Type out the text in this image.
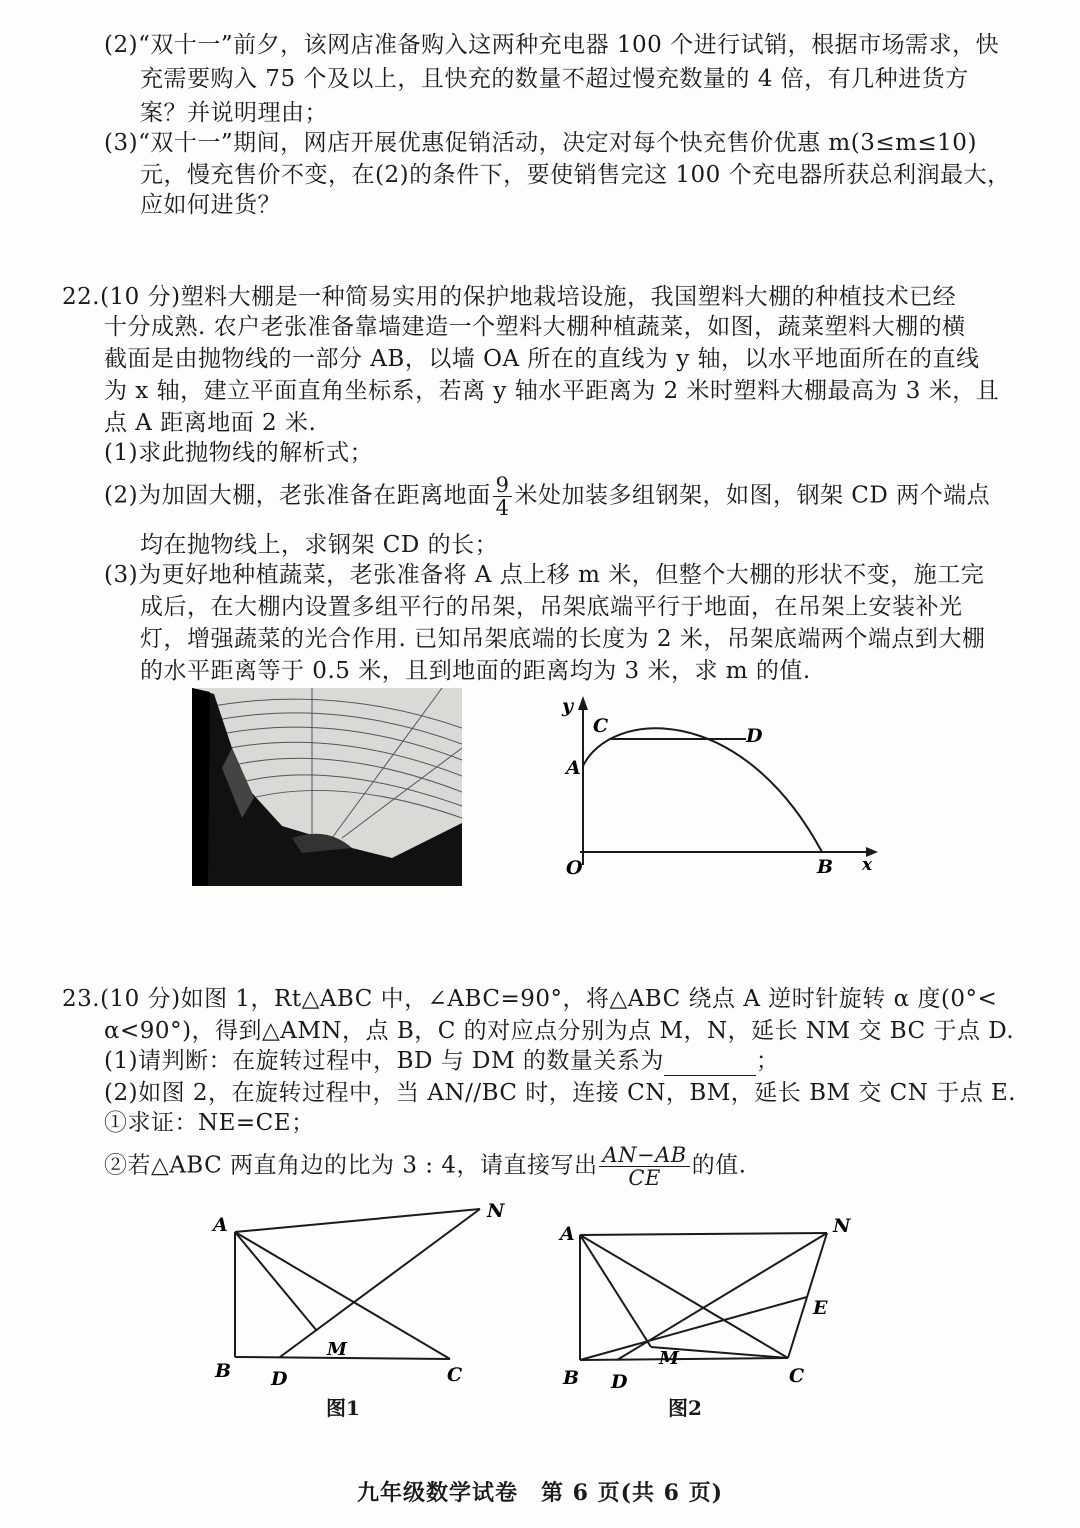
(2)“双十一”前夕，该网店准备购入这两种充电器 100 个进行试销，根据市场需求，快
充需要购入 75 个及以上，且快充的数量不超过慢充数量的 4 倍，有几种进货方
案？并说明理由；
(3)“双十一”期间，网店开展优惠促销活动，决定对每个快充售价优惠 m(3≤m≤10)
元，慢充售价不变，在(2)的条件下，要使销售完这 100 个充电器所获总利润最大，
应如何进货？
22.(10 分)塑料大棚是一种简易实用的保护地栽培设施，我国塑料大棚的种植技术已经
十分成熟. 农户老张准备靠墙建造一个塑料大棚种植蔬菜，如图，蔬菜塑料大棚的横
截面是由抛物线的一部分 AB，以墙 OA 所在的直线为 y 轴，以水平地面所在的直线
为 x 轴，建立平面直角坐标系，若离 y 轴水平距离为 2 米时塑料大棚最高为 3 米，且
点 A 距离地面 2 米.
(1)求此抛物线的解析式；
(2)为加固大棚，老张准备在距离地面 $\frac{9}{4}$ 米处加装多组钢架，如图，钢架 CD 两个端点
均在抛物线上，求钢架 CD 的长；
(3)为更好地种植蔬菜，老张准备将 A 点上移 m 米，但整个大棚的形状不变，施工完
成后，在大棚内设置多组平行的吊架，吊架底端平行于地面，在吊架上安装补光
灯，增强蔬菜的光合作用. 已知吊架底端的长度为 2 米，吊架底端两个端点到大棚
的水平距离等于 0.5 米，且到地面的距离均为 3 米，求 m 的值.
y
x
O
A
B
C	D
23.(10 分)如图 1，Rt△ABC 中，∠ABC=90°，将△ABC 绕点 A 逆时针旋转 α 度(0°<
α<90°)，得到△AMN，点 B，C 的对应点分别为点 M，N，延长 NM 交 BC 于点 D.
(1)请判断：在旋转过程中，BD 与 DM 的数量关系为	；
(2)如图 2，在旋转过程中，当 AN//BC 时，连接 CN，BM，延长 BM 交 CN 于点 E.
①求证：NE=CE；
②若△ABC 两直角边的比为 3 : 4，请直接写出 $\frac{AN-AB}{CE}$ 的值.
A
N
M
B D	C
图1
A	N
E
M
B D	C
图2
九年级数学试卷　第 6 页(共 6 页)
